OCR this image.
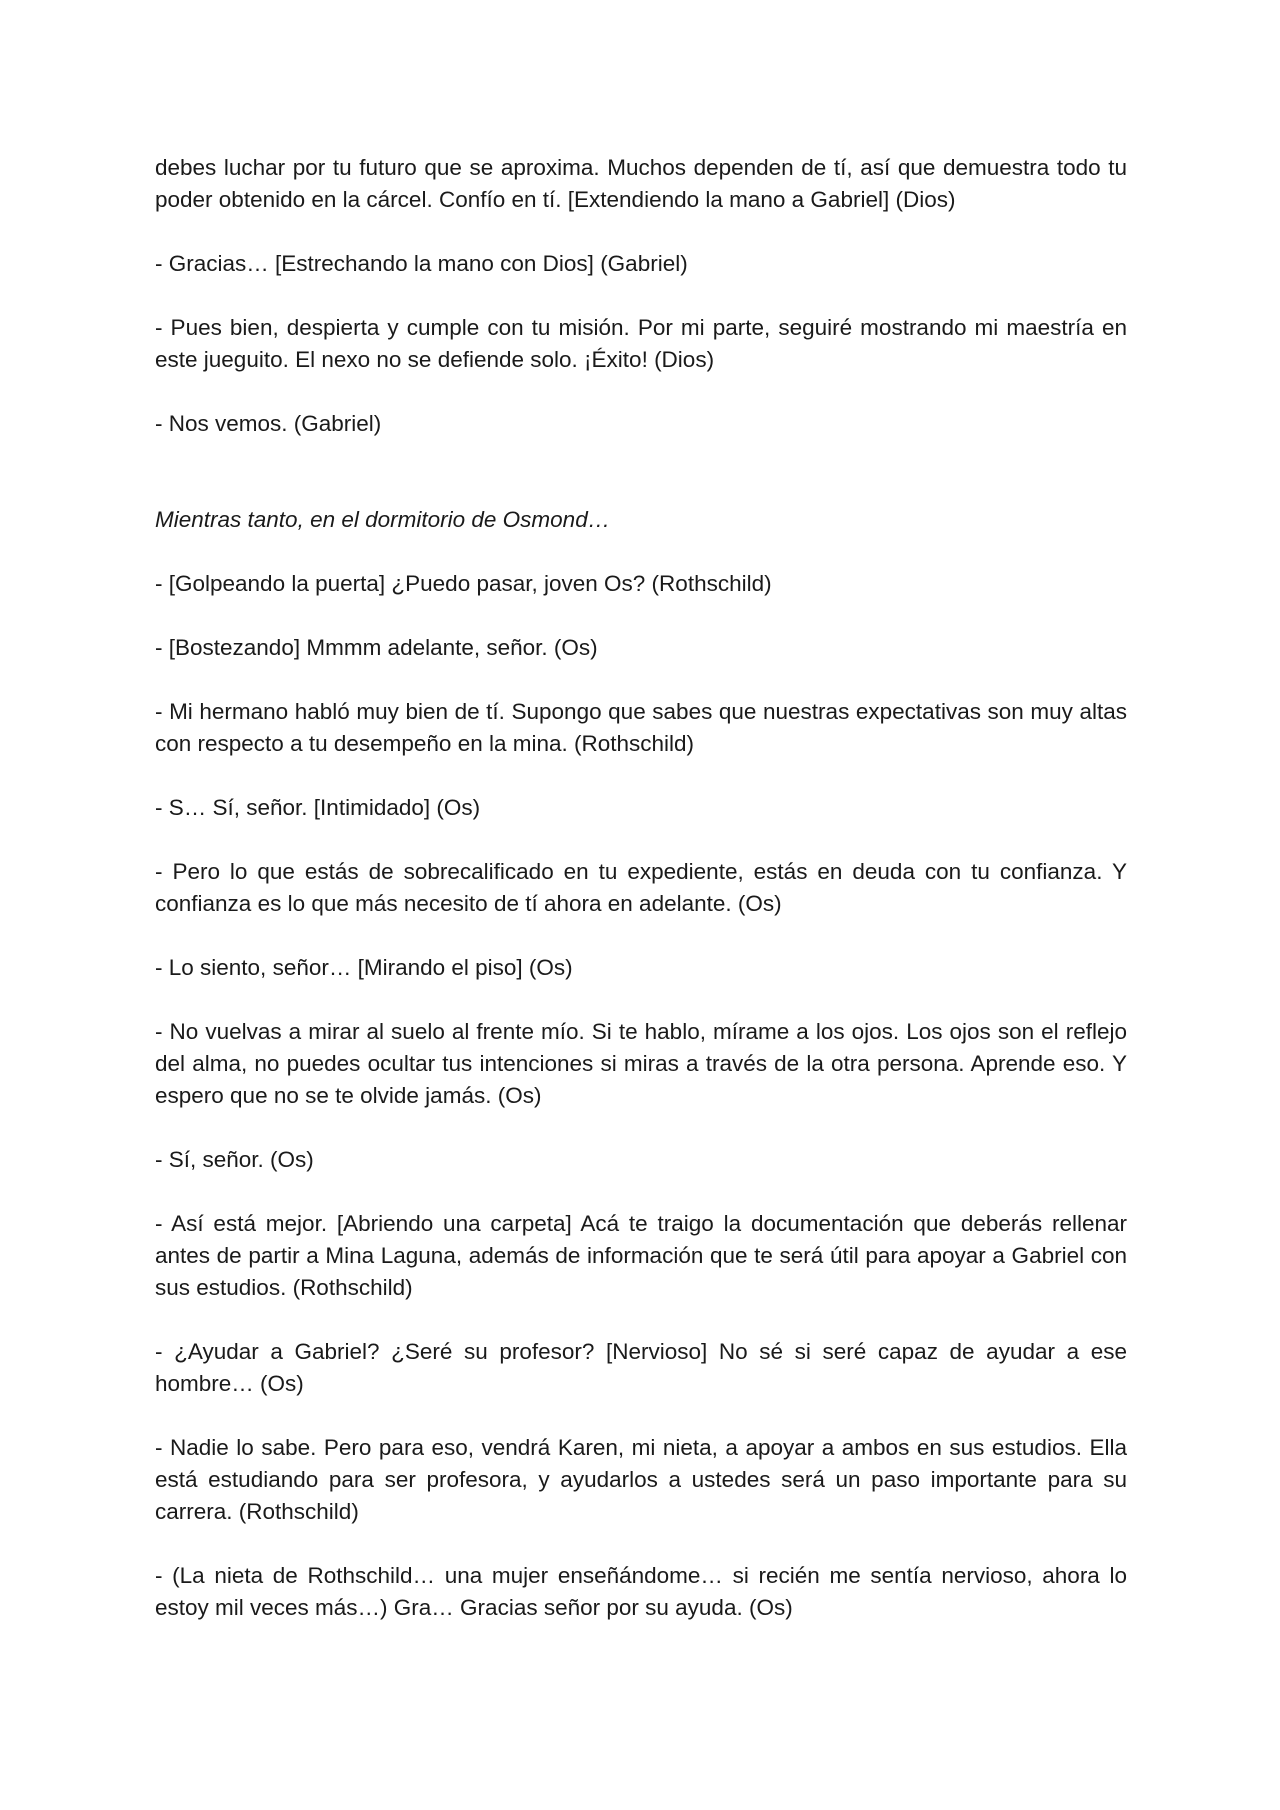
debes luchar por tu futuro que se aproxima. Muchos dependen de tí, así que demuestra todo tu poder obtenido en la cárcel. Confío en tí. [Extendiendo la mano a Gabriel] (Dios)

- Gracias… [Estrechando la mano con Dios] (Gabriel)

- Pues bien, despierta y cumple con tu misión. Por mi parte, seguiré mostrando mi maestría en este jueguito. El nexo no se defiende solo. ¡Éxito! (Dios)

- Nos vemos. (Gabriel)

Mientras tanto, en el dormitorio de Osmond…

- [Golpeando la puerta] ¿Puedo pasar, joven Os? (Rothschild)

- [Bostezando] Mmmm adelante, señor. (Os)

- Mi hermano habló muy bien de tí. Supongo que sabes que nuestras expectativas son muy altas con respecto a tu desempeño en la mina. (Rothschild)

- S… Sí, señor. [Intimidado] (Os)

- Pero lo que estás de sobrecalificado en tu expediente, estás en deuda con tu confianza. Y confianza es lo que más necesito de tí ahora en adelante. (Os)

- Lo siento, señor… [Mirando el piso] (Os)

- No vuelvas a mirar al suelo al frente mío. Si te hablo, mírame a los ojos. Los ojos son el reflejo del alma, no puedes ocultar tus intenciones si miras a través de la otra persona. Aprende eso. Y espero que no se te olvide jamás. (Os)

- Sí, señor. (Os)

- Así está mejor. [Abriendo una carpeta] Acá te traigo la documentación que deberás rellenar antes de partir a Mina Laguna, además de información que te será útil para apoyar a Gabriel con sus estudios. (Rothschild)

- ¿Ayudar a Gabriel? ¿Seré su profesor? [Nervioso] No sé si seré capaz de ayudar a ese hombre… (Os)

- Nadie lo sabe. Pero para eso, vendrá Karen, mi nieta, a apoyar a ambos en sus estudios. Ella está estudiando para ser profesora, y ayudarlos a ustedes será un paso importante para su carrera. (Rothschild)

- (La nieta de Rothschild… una mujer enseñándome… si recién me sentía nervioso, ahora lo estoy mil veces más…) Gra… Gracias señor por su ayuda. (Os)
